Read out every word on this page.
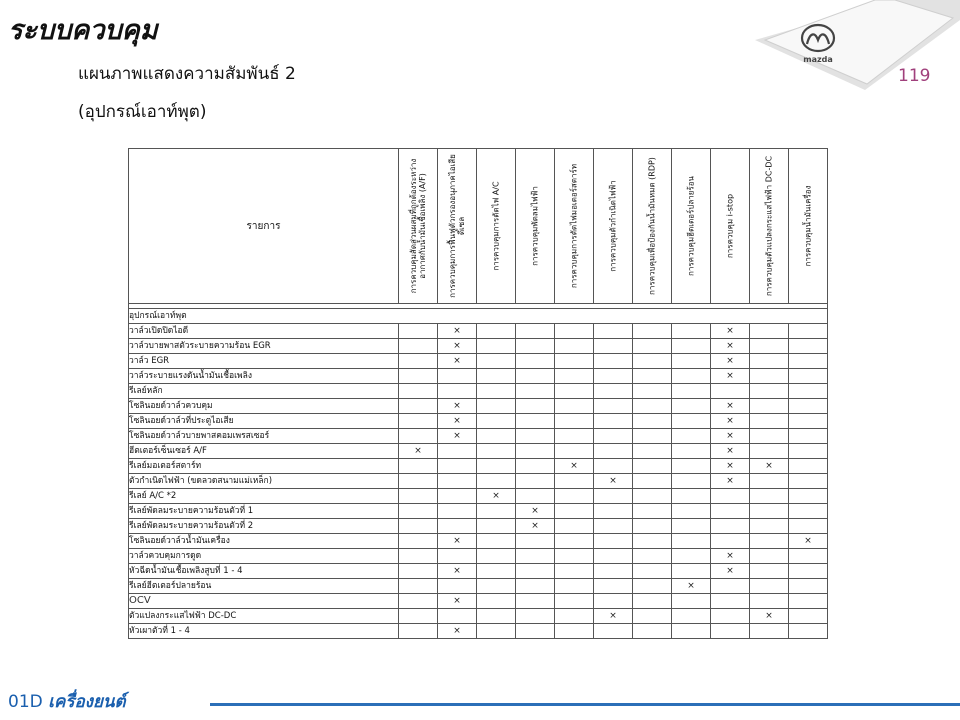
ระบบควบคุม
แผนภาพแสดงความสัมพันธ์ 2
(อุปกรณ์เอาท์พุต)
119
mazda
รายการ	การควบคุมสัดส่วนผสมที่ถูกต้องระหว่างอากาศกับน้ำมันเชื้อเพลิง (A/F)	การควบคุมการฟื้นฟูตัวกรองอนุภาคไอเสียดีเซล	การควบคุมการตัดไฟ A/C	การควบคุมพัดลมไฟฟ้า	การควบคุมการตัดไฟมอเตอร์สตาร์ท	การควบคุมตัวกำเนิดไฟฟ้า	การควบคุมเพื่อป้องกันน้ำมันหมด (RDP)	การควบคุมฮีตเตอร์ปลายร้อน	การควบคุม i-stop	การควบคุมตัวแปลงกระแสไฟฟ้า DC-DC	การควบคุมน้ำมันเครื่อง

อุปกรณ์เอาท์พุต											
วาล์วเปิดปิดไอดี		×							×		
วาล์วบายพาสตัวระบายความร้อน EGR		×							×		
วาล์ว EGR		×							×		
วาล์วระบายแรงดันน้ำมันเชื้อเพลิง									×		
รีเลย์หลัก											
โซลินอยด์วาล์วควบคุม		×							×		
โซลินอยด์วาล์วที่ประตูไอเสีย		×							×		
โซลินอยด์วาล์วบายพาสคอมเพรสเซอร์		×							×		
ฮีตเตอร์เซ็นเซอร์ A/F	×								×		
รีเลย์มอเตอร์สตาร์ท					×				×	×	
ตัวกำเนิดไฟฟ้า (ขดลวดสนามแม่เหล็ก)						×			×		
รีเลย์ A/C *2			×								
รีเลย์พัดลมระบายความร้อนตัวที่ 1				×							
รีเลย์พัดลมระบายความร้อนตัวที่ 2				×							
โซลินอยด์วาล์วน้ำมันเครื่อง		×									×
วาล์วควบคุมการดูด									×		
หัวฉีดน้ำมันเชื้อเพลิงสูบที่ 1 - 4		×							×		
รีเลย์ฮีตเตอร์ปลายร้อน								×			
OCV		×									
ตัวแปลงกระแสไฟฟ้า DC-DC						×				×	
หัวเผาตัวที่ 1 - 4		×									
01D เครื่องยนต์
